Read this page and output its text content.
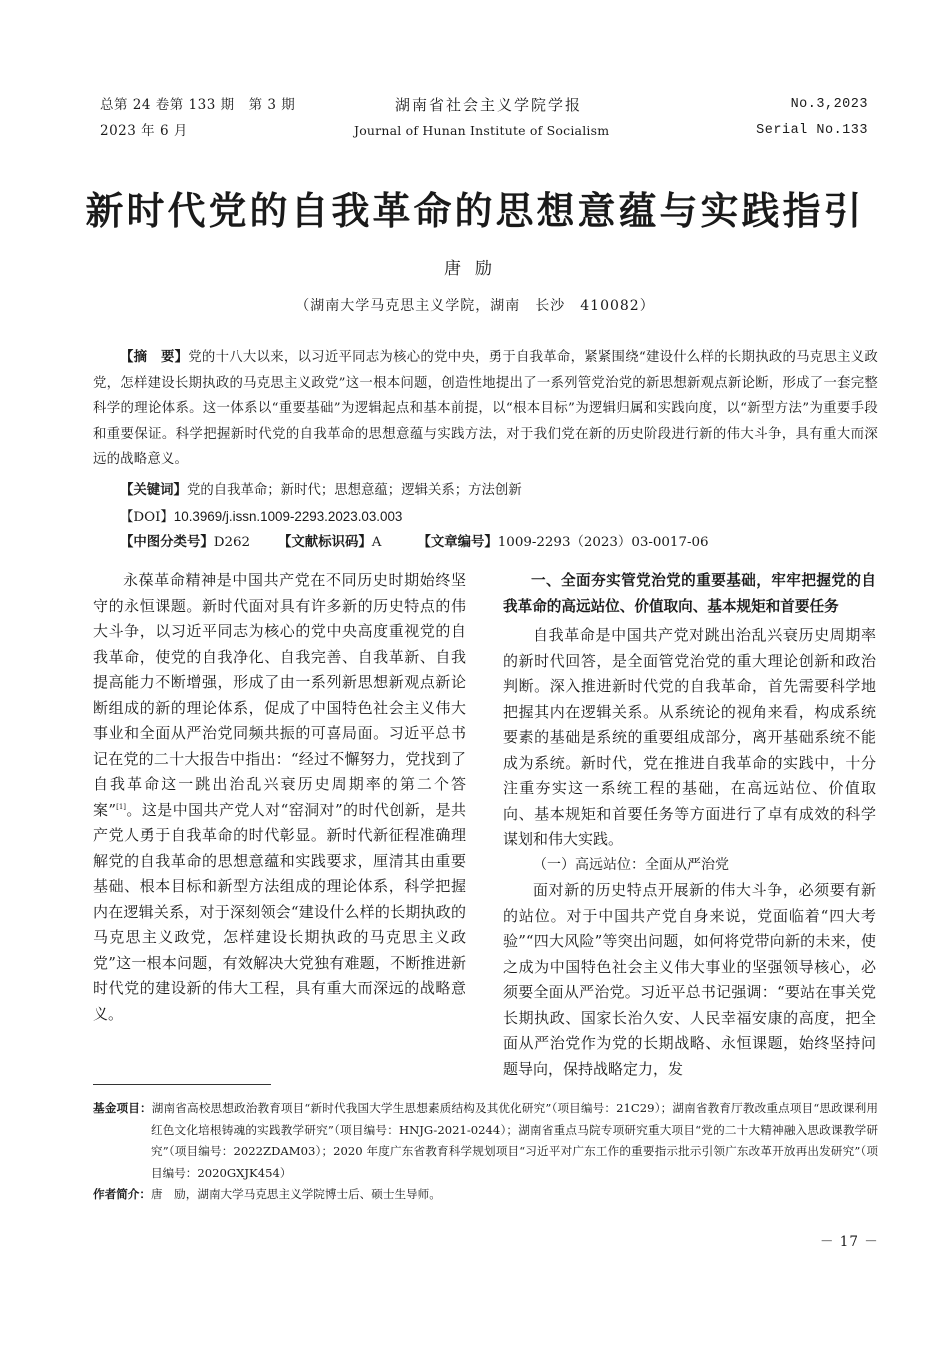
总第 24 卷第 133 期　第 3 期
2023 年 6 月
湖南省社会主义学院学报
Journal of Hunan Institute of Socialism
No.3,2023
Serial No.133
新时代党的自我革命的思想意蕴与实践指引
唐励
（湖南大学马克思主义学院，湖南　长沙　410082）
【摘　要】党的十八大以来，以习近平同志为核心的党中央，勇于自我革命，紧紧围绕“建设什么样的长期执政的马克思主义政党，怎样建设长期执政的马克思主义政党”这一根本问题，创造性地提出了一系列管党治党的新思想新观点新论断，形成了一套完整科学的理论体系。这一体系以“重要基础”为逻辑起点和基本前提，以“根本目标”为逻辑归属和实践向度，以“新型方法”为重要手段和重要保证。科学把握新时代党的自我革命的思想意蕴与实践方法，对于我们党在新的历史阶段进行新的伟大斗争，具有重大而深远的战略意义。
【关键词】党的自我革命；新时代；思想意蕴；逻辑关系；方法创新
【DOI】10.3969/j.issn.1009-2293.2023.03.003
【中图分类号】D262 【文献标识码】A	【文章编号】1009-2293（2023）03-0017-06

永葆革命精神是中国共产党在不同历史时期始终坚守的永恒课题。新时代面对具有许多新的历史特点的伟大斗争，以习近平同志为核心的党中央高度重视党的自我革命，使党的自我净化、自我完善、自我革新、自我提高能力不断增强，形成了由一系列新思想新观点新论断组成的新的理论体系，促成了中国特色社会主义伟大事业和全面从严治党同频共振的可喜局面。习近平总书记在党的二十大报告中指出：“经过不懈努力，党找到了自我革命这一跳出治乱兴衰历史周期率的第二个答案”[1]。这是中国共产党人对“窑洞对”的时代创新，是共产党人勇于自我革命的时代彰显。新时代新征程准确理解党的自我革命的思想意蕴和实践要求，厘清其由重要基础、根本目标和新型方法组成的理论体系，科学把握内在逻辑关系，对于深刻领会“建设什么样的长期执政的马克思主义政党，怎样建设长期执政的马克思主义政党”这一根本问题，有效解决大党独有难题，不断推进新时代党的建设新的伟大工程，具有重大而深远的战略意义。

一、全面夯实管党治党的重要基础，牢牢把握党的自我革命的高远站位、价值取向、基本规矩和首要任务

自我革命是中国共产党对跳出治乱兴衰历史周期率的新时代回答，是全面管党治党的重大理论创新和政治判断。深入推进新时代党的自我革命，首先需要科学地把握其内在逻辑关系。从系统论的视角来看，构成系统要素的基础是系统的重要组成部分，离开基础系统不能成为系统。新时代，党在推进自我革命的实践中，十分注重夯实这一系统工程的基础，在高远站位、价值取向、基本规矩和首要任务等方面进行了卓有成效的科学谋划和伟大实践。

（一）高远站位：全面从严治党

面对新的历史特点开展新的伟大斗争，必须要有新的站位。对于中国共产党自身来说，党面临着“四大考验”“四大风险”等突出问题，如何将党带向新的未来，使之成为中国特色社会主义伟大事业的坚强领导核心，必须要全面从严治党。习近平总书记强调：“要站在事关党长期执政、国家长治久安、人民幸福安康的高度，把全面从严治党作为党的长期战略、永恒课题，始终坚持问题导向，保持战略定力，发

基金项目：湖南省高校思想政治教育项目“新时代我国大学生思想素质结构及其优化研究”（项目编号：21C29）；湖南省教育厅教改重点项目“思政课利用红色文化培根铸魂的实践教学研究”（项目编号：HNJG-2021-0244）；湖南省重点马院专项研究重大项目“党的二十大精神融入思政课教学研究”（项目编号：2022ZDAM03）；2020 年度广东省教育科学规划项目“习近平对广东工作的重要指示批示引领广东改革开放再出发研究”（项目编号：2020GXJK454）
作者简介：唐　励，湖南大学马克思主义学院博士后、硕士生导师。
－ 17 －
